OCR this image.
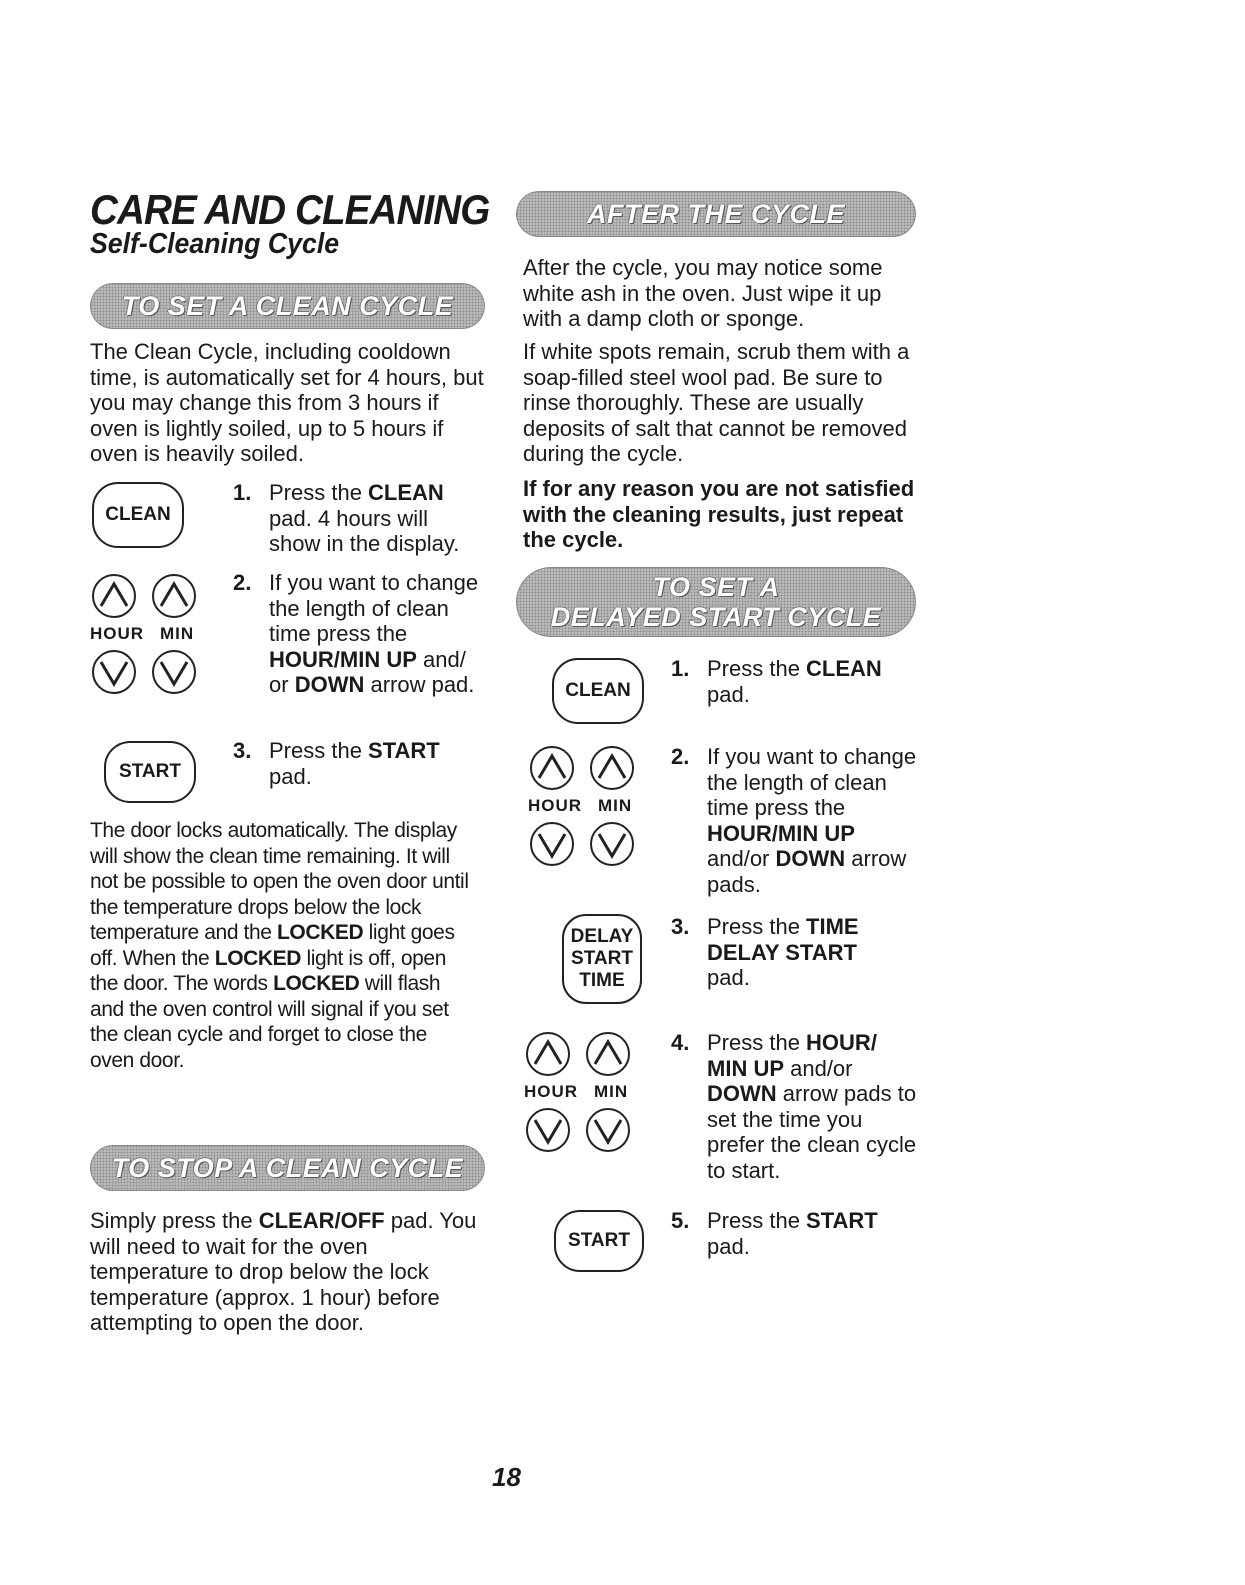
CARE AND CLEANING
Self-Cleaning Cycle
TO SET A CLEAN CYCLE

The Clean Cycle, including cooldown time, is automatically set for 4 hours, but you may change this from 3 hours if oven is lightly soiled, up to 5 hours if oven is heavily soiled.

CLEAN
1. Press the CLEAN pad. 4 hours will show in the display.
HOUR MIN
2. If you want to change the length of clean time press the HOUR/MIN UP and/ or DOWN arrow pad.
START
3. Press the START pad.

The door locks automatically. The display will show the clean time remaining. It will not be possible to open the oven door until the temperature drops below the lock temperature and the LOCKED light goes off. When the LOCKED light is off, open the door. The words LOCKED will flash and the oven control will signal if you set the clean cycle and forget to close the oven door.

TO STOP A CLEAN CYCLE

Simply press the CLEAR/OFF pad. You will need to wait for the oven temperature to drop below the lock temperature (approx. 1 hour) before attempting to open the door.

AFTER THE CYCLE

After the cycle, you may notice some white ash in the oven. Just wipe it up with a damp cloth or sponge.

If white spots remain, scrub them with a soap-filled steel wool pad. Be sure to rinse thoroughly. These are usually deposits of salt that cannot be removed during the cycle.

If for any reason you are not satisfied with the cleaning results, just repeat the cycle.

TO SET A
DELAYED START CYCLE
CLEAN
1. Press the CLEAN pad.
HOUR MIN
2. If you want to change the length of clean time press the HOUR/MIN UP and/or DOWN arrow pads.
DELAY
START
TIME
3. Press the TIME DELAY START pad.
HOUR MIN
4. Press the HOUR/ MIN UP and/or DOWN arrow pads to set the time you prefer the clean cycle to start.
START
5. Press the START pad.
18
